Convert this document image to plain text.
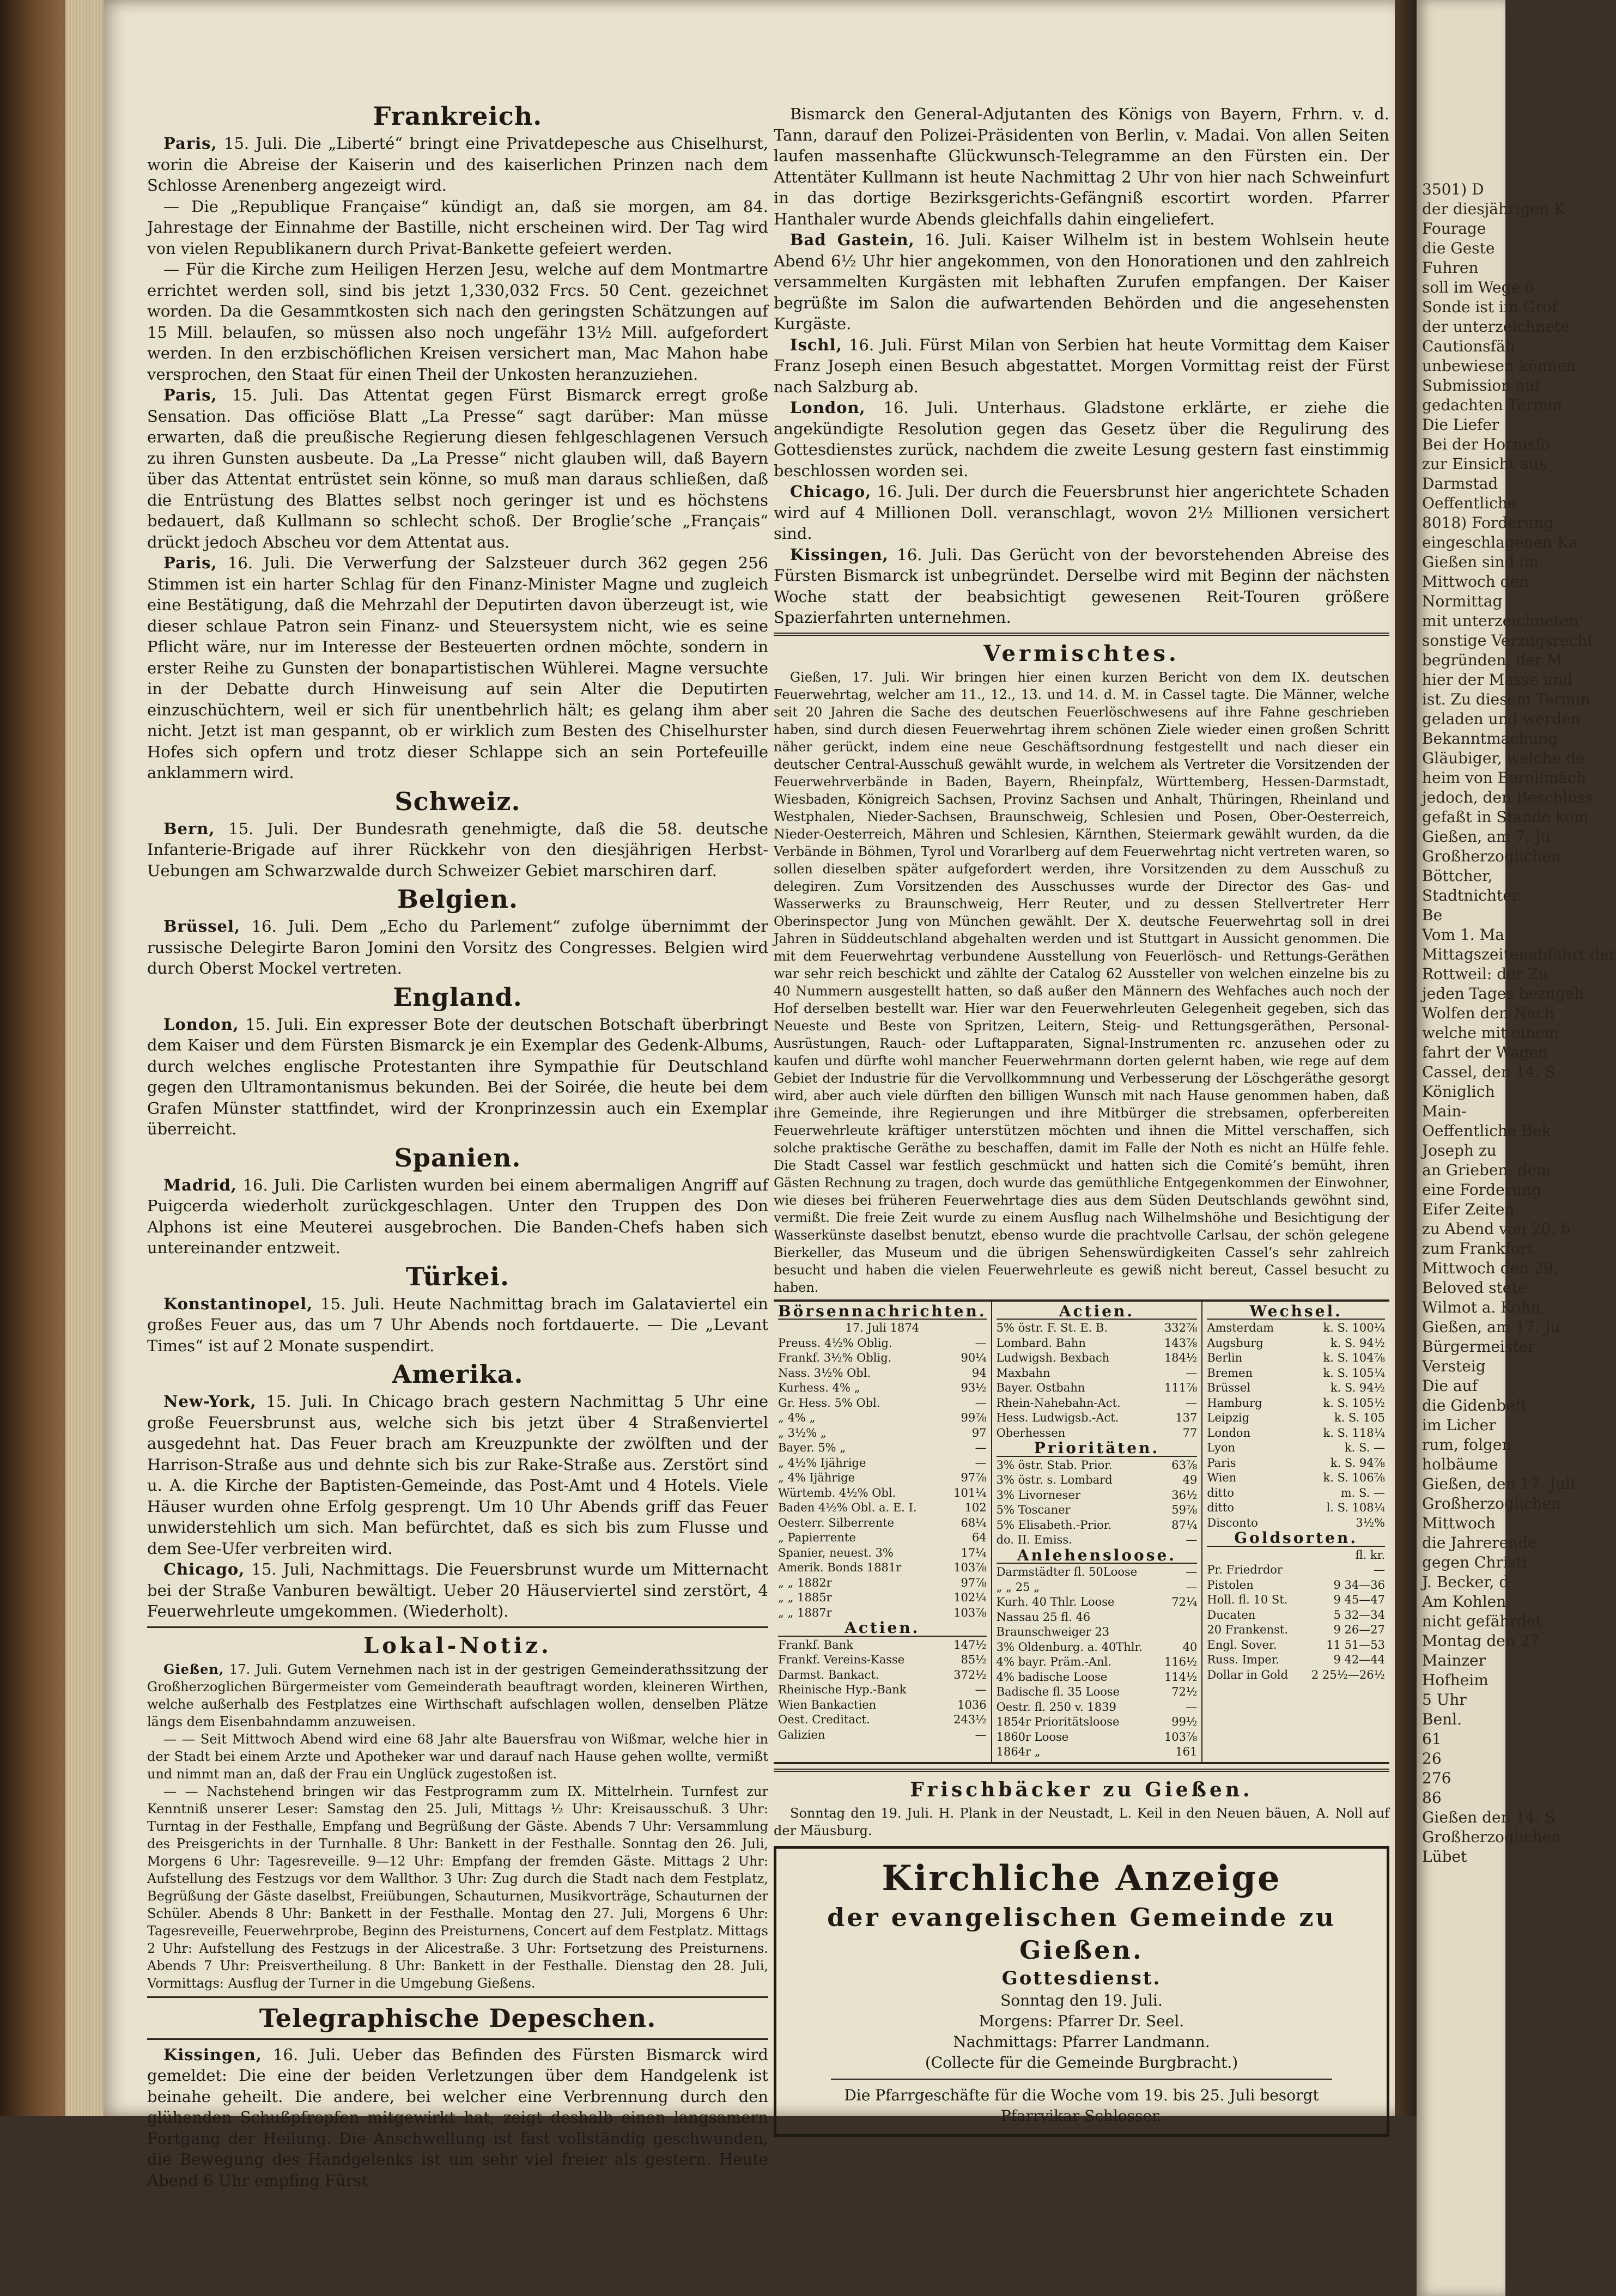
3501) D
der diesjährigen K
Fourage
die Geste
Fuhren
soll im Wege ö
Sonde ist im Grof
der unterzeichnete
Cautionsfäh
unbewiesen können
Submission auf
gedachten Termin
Die Liefer
Bei der Hornisfo
zur Einsicht aus
Darmstad
Oeffentliche
8018) Forderung
eingeschlagenen Ka
Gießen sind im
Mittwoch den
Normittag
mit unterzeichneten
sonstige Verzugsrecht
begründen, der M
hier der Masse und
ist. Zu diesem Termin
geladen und werden
Bekanntmachung
Gläubiger, welche de
heim von Berollmäch
jedoch, den Beschlüss
gefaßt in Stande kom
Gießen, am 7. Ju
Großherzoglichen
Böttcher,
Stadtnichter.
Be
Vom 1. Ma
Mittagszeitenabfahrt der
Rottweil: der Zu
jeden Tages bezugeh
Wolfen den Nach
welche mit einem
fahrt der Wagen
Cassel, den 14. S
Königlich
Main-
Oeffentliche Bek
Joseph zu
an Grieben, dem
eine Forderung
Eifer Zeiten
zu Abend von 20. b
zum Frankfort
Mittwoch den 29.
Beloved stete
Wilmot a. Kohn,
Gießen, am 17. Ju
Bürgermeister
Versteig
Die auf
die Gidenbeft
im Licher
rum, folgen
holbäume
Gießen, den 17. Juli
Großherzoglichen
Mittwoch
die Jahrerende
gegen Christi
J. Becker, d
Am Kohlen
nicht gefährdet
Montag den 27
Mainzer
Hofheim
5 Uhr
Benl.
61
26
276
86
Gießen den 14. S
Großherzoglichen
Lübet
Frankreich.

Paris, 15. Juli. Die „Liberté“ bringt eine Privatdepesche aus Chiselhurst, worin die Abreise der Kaiserin und des kaiserlichen Prinzen nach dem Schlosse Arenenberg angezeigt wird.

— Die „Republique Française“ kündigt an, daß sie morgen, am 84. Jahrestage der Einnahme der Bastille, nicht erscheinen wird. Der Tag wird von vielen Republikanern durch Privat-Bankette gefeiert werden.

— Für die Kirche zum Heiligen Herzen Jesu, welche auf dem Montmartre errichtet werden soll, sind bis jetzt 1,330,032 Frcs. 50 Cent. gezeichnet worden. Da die Gesammtkosten sich nach den geringsten Schätzungen auf 15 Mill. belaufen, so müssen also noch ungefähr 13½ Mill. aufgefordert werden. In den erzbischöflichen Kreisen versichert man, Mac Mahon habe versprochen, den Staat für einen Theil der Unkosten heranzuziehen.

Paris, 15. Juli. Das Attentat gegen Fürst Bismarck erregt große Sensation. Das officiöse Blatt „La Presse“ sagt darüber: Man müsse erwarten, daß die preußische Regierung diesen fehlgeschlagenen Versuch zu ihren Gunsten ausbeute. Da „La Presse“ nicht glauben will, daß Bayern über das Attentat entrüstet sein könne, so muß man daraus schließen, daß die Entrüstung des Blattes selbst noch geringer ist und es höchstens bedauert, daß Kullmann so schlecht schoß. Der Broglie’sche „Français“ drückt jedoch Abscheu vor dem Attentat aus.

Paris, 16. Juli. Die Verwerfung der Salzsteuer durch 362 gegen 256 Stimmen ist ein harter Schlag für den Finanz-Minister Magne und zugleich eine Bestätigung, daß die Mehrzahl der Deputirten davon überzeugt ist, wie dieser schlaue Patron sein Finanz- und Steuersystem nicht, wie es seine Pflicht wäre, nur im Interesse der Besteuerten ordnen möchte, sondern in erster Reihe zu Gunsten der bonapartistischen Wühlerei. Magne versuchte in der Debatte durch Hinweisung auf sein Alter die Deputirten einzuschüchtern, weil er sich für unentbehrlich hält; es gelang ihm aber nicht. Jetzt ist man gespannt, ob er wirklich zum Besten des Chiselhurster Hofes sich opfern und trotz dieser Schlappe sich an sein Portefeuille anklammern wird.

Schweiz.

Bern, 15. Juli. Der Bundesrath genehmigte, daß die 58. deutsche Infanterie-Brigade auf ihrer Rückkehr von den diesjährigen Herbst-Uebungen am Schwarzwalde durch Schweizer Gebiet marschiren darf.

Belgien.

Brüssel, 16. Juli. Dem „Echo du Parlement“ zufolge übernimmt der russische Delegirte Baron Jomini den Vorsitz des Congresses. Belgien wird durch Oberst Mockel vertreten.

England.

London, 15. Juli. Ein expresser Bote der deutschen Botschaft überbringt dem Kaiser und dem Fürsten Bismarck je ein Exemplar des Gedenk-Albums, durch welches englische Protestanten ihre Sympathie für Deutschland gegen den Ultramontanismus bekunden. Bei der Soirée, die heute bei dem Grafen Münster stattfindet, wird der Kronprinzessin auch ein Exemplar überreicht.

Spanien.

Madrid, 16. Juli. Die Carlisten wurden bei einem abermaligen Angriff auf Puigcerda wiederholt zurückgeschlagen. Unter den Truppen des Don Alphons ist eine Meuterei ausgebrochen. Die Banden-Chefs haben sich untereinander entzweit.

Türkei.

Konstantinopel, 15. Juli. Heute Nachmittag brach im Galataviertel ein großes Feuer aus, das um 7 Uhr Abends noch fortdauerte. — Die „Levant Times“ ist auf 2 Monate suspendirt.

Amerika.

New-York, 15. Juli. In Chicago brach gestern Nachmittag 5 Uhr eine große Feuersbrunst aus, welche sich bis jetzt über 4 Straßenviertel ausgedehnt hat. Das Feuer brach am Kreuzpunkte der zwölften und der Harrison-Straße aus und dehnte sich bis zur Rake-Straße aus. Zerstört sind u. A. die Kirche der Baptisten-Gemeinde, das Post-Amt und 4 Hotels. Viele Häuser wurden ohne Erfolg gesprengt. Um 10 Uhr Abends griff das Feuer unwiderstehlich um sich. Man befürchtet, daß es sich bis zum Flusse und dem See-Ufer verbreiten wird.

Chicago, 15. Juli, Nachmittags. Die Feuersbrunst wurde um Mitternacht bei der Straße Vanburen bewältigt. Ueber 20 Häuserviertel sind zerstört, 4 Feuerwehrleute umgekommen. (Wiederholt).

Lokal-Notiz.

Gießen, 17. Juli. Gutem Vernehmen nach ist in der gestrigen Gemeinderathssitzung der Großherzoglichen Bürgermeister vom Gemeinderath beauftragt worden, kleineren Wirthen, welche außerhalb des Festplatzes eine Wirthschaft aufschlagen wollen, denselben Plätze längs dem Eisenbahndamm anzuweisen.

— — Seit Mittwoch Abend wird eine 68 Jahr alte Bauersfrau von Wißmar, welche hier in der Stadt bei einem Arzte und Apotheker war und darauf nach Hause gehen wollte, vermißt und nimmt man an, daß der Frau ein Unglück zugestoßen ist.

— — Nachstehend bringen wir das Festprogramm zum IX. Mittelrhein. Turnfest zur Kenntniß unserer Leser: Samstag den 25. Juli, Mittags ½ Uhr: Kreisausschuß. 3 Uhr: Turntag in der Festhalle, Empfang und Begrüßung der Gäste. Abends 7 Uhr: Versammlung des Preisgerichts in der Turnhalle. 8 Uhr: Bankett in der Festhalle. Sonntag den 26. Juli, Morgens 6 Uhr: Tagesreveille. 9—12 Uhr: Empfang der fremden Gäste. Mittags 2 Uhr: Aufstellung des Festzugs vor dem Wallthor. 3 Uhr: Zug durch die Stadt nach dem Festplatz, Begrüßung der Gäste daselbst, Freiübungen, Schauturnen, Musikvorträge, Schauturnen der Schüler. Abends 8 Uhr: Bankett in der Festhalle. Montag den 27. Juli, Morgens 6 Uhr: Tagesreveille, Feuerwehrprobe, Beginn des Preisturnens, Concert auf dem Festplatz. Mittags 2 Uhr: Aufstellung des Festzugs in der Alicestraße. 3 Uhr: Fortsetzung des Preisturnens. Abends 7 Uhr: Preisvertheilung. 8 Uhr: Bankett in der Festhalle. Dienstag den 28. Juli, Vormittags: Ausflug der Turner in die Umgebung Gießens.

Telegraphische Depeschen.

Kissingen, 16. Juli. Ueber das Befinden des Fürsten Bismarck wird gemeldet: Die eine der beiden Verletzungen über dem Handgelenk ist beinahe geheilt. Die andere, bei welcher eine Verbrennung durch den glühenden Schußpfropfen mitgewirkt hat, zeigt deshalb einen langsamern Fortgang der Heilung. Die Anschwellung ist fast vollständig geschwunden, die Bewegung des Handgelenks ist um sehr viel freier als gestern. Heute Abend 6 Uhr empfing Fürst

Bismarck den General-Adjutanten des Königs von Bayern, Frhrn. v. d. Tann, darauf den Polizei-Präsidenten von Berlin, v. Madai. Von allen Seiten laufen massenhafte Glückwunsch-Telegramme an den Fürsten ein. Der Attentäter Kullmann ist heute Nachmittag 2 Uhr von hier nach Schweinfurt in das dortige Bezirksgerichts-Gefängniß escortirt worden. Pfarrer Hanthaler wurde Abends gleichfalls dahin eingeliefert.

Bad Gastein, 16. Juli. Kaiser Wilhelm ist in bestem Wohlsein heute Abend 6½ Uhr hier angekommen, von den Honorationen und den zahlreich versammelten Kurgästen mit lebhaften Zurufen empfangen. Der Kaiser begrüßte im Salon die aufwartenden Behörden und die angesehensten Kurgäste.

Ischl, 16. Juli. Fürst Milan von Serbien hat heute Vormittag dem Kaiser Franz Joseph einen Besuch abgestattet. Morgen Vormittag reist der Fürst nach Salzburg ab.

London, 16. Juli. Unterhaus. Gladstone erklärte, er ziehe die angekündigte Resolution gegen das Gesetz über die Regulirung des Gottesdienstes zurück, nachdem die zweite Lesung gestern fast einstimmig beschlossen worden sei.

Chicago, 16. Juli. Der durch die Feuersbrunst hier angerichtete Schaden wird auf 4 Millionen Doll. veranschlagt, wovon 2½ Millionen versichert sind.

Kissingen, 16. Juli. Das Gerücht von der bevorstehenden Abreise des Fürsten Bismarck ist unbegründet. Derselbe wird mit Beginn der nächsten Woche statt der beabsichtigt gewesenen Reit-Touren größere Spazierfahrten unternehmen.

Vermischtes.

Gießen, 17. Juli. Wir bringen hier einen kurzen Bericht von dem IX. deutschen Feuerwehrtag, welcher am 11., 12., 13. und 14. d. M. in Cassel tagte. Die Männer, welche seit 20 Jahren die Sache des deutschen Feuerlöschwesens auf ihre Fahne geschrieben haben, sind durch diesen Feuerwehrtag ihrem schönen Ziele wieder einen großen Schritt näher gerückt, indem eine neue Geschäftsordnung festgestellt und nach dieser ein deutscher Central-Ausschuß gewählt wurde, in welchem als Vertreter die Vorsitzenden der Feuerwehrverbände in Baden, Bayern, Rheinpfalz, Württemberg, Hessen-Darmstadt, Wiesbaden, Königreich Sachsen, Provinz Sachsen und Anhalt, Thüringen, Rheinland und Westphalen, Nieder-Sachsen, Braunschweig, Schlesien und Posen, Ober-Oesterreich, Nieder-Oesterreich, Mähren und Schlesien, Kärnthen, Steiermark gewählt wurden, da die Verbände in Böhmen, Tyrol und Vorarlberg auf dem Feuerwehrtag nicht vertreten waren, so sollen dieselben später aufgefordert werden, ihre Vorsitzenden zu dem Ausschuß zu delegiren. Zum Vorsitzenden des Ausschusses wurde der Director des Gas- und Wasserwerks zu Braunschweig, Herr Reuter, und zu dessen Stellvertreter Herr Oberinspector Jung von München gewählt. Der X. deutsche Feuerwehrtag soll in drei Jahren in Süddeutschland abgehalten werden und ist Stuttgart in Aussicht genommen. Die mit dem Feuerwehrtag verbundene Ausstellung von Feuerlösch- und Rettungs-Geräthen war sehr reich beschickt und zählte der Catalog 62 Aussteller von welchen einzelne bis zu 40 Nummern ausgestellt hatten, so daß außer den Männern des Wehfaches auch noch der Hof derselben bestellt war. Hier war den Feuerwehrleuten Gelegenheit gegeben, sich das Neueste und Beste von Spritzen, Leitern, Steig- und Rettungsgeräthen, Personal-Ausrüstungen, Rauch- oder Luftapparaten, Signal-Instrumenten rc. anzusehen oder zu kaufen und dürfte wohl mancher Feuerwehrmann dorten gelernt haben, wie rege auf dem Gebiet der Industrie für die Vervollkommnung und Verbesserung der Löschgeräthe gesorgt wird, aber auch viele dürften den billigen Wunsch mit nach Hause genommen haben, daß ihre Gemeinde, ihre Regierungen und ihre Mitbürger die strebsamen, opferbereiten Feuerwehrleute kräftiger unterstützen möchten und ihnen die Mittel verschaffen, sich solche praktische Geräthe zu beschaffen, damit im Falle der Noth es nicht an Hülfe fehle. Die Stadt Cassel war festlich geschmückt und hatten sich die Comité’s bemüht, ihren Gästen Rechnung zu tragen, doch wurde das gemüthliche Entgegenkommen der Einwohner, wie dieses bei früheren Feuerwehrtage dies aus dem Süden Deutschlands gewöhnt sind, vermißt. Die freie Zeit wurde zu einem Ausflug nach Wilhelmshöhe und Besichtigung der Wasserkünste daselbst benutzt, ebenso wurde die prachtvolle Carlsau, der schön gelegene Bierkeller, das Museum und die übrigen Sehenswürdigkeiten Cassel’s sehr zahlreich besucht und haben die vielen Feuerwehrleute es gewiß nicht bereut, Cassel besucht zu haben.

Börsennachrichten.
17. Juli 1874
Preuss. 4½% Oblig.	—
Frankf. 3½% Oblig.	90¼
Nass. 3½% Obl.	94
Kurhess. 4% „	93½
Gr. Hess. 5% Obl.	—
„ 4% „	99⅞
„ 3½% „	97
Bayer. 5% „	—
„ 4½% Ijährige	—
„ 4% Ijährige	97⅞
Würtemb. 4½% Obl.	101¼
Baden 4½% Obl. a. E. I.	102
Oesterr. Silberrente	68¼
„ Papierrente	64
Spanier, neuest. 3%	17¼
Amerik. Bonds 1881r	103⅞
„ „ 1882r	97⅞
„ „ 1885r	102¼
„ „ 1887r	103⅞
Actien.
Frankf. Bank	147½
Frankf. Vereins-Kasse	85½
Darmst. Bankact.	372½
Rheinische Hyp.-Bank	—
Wien Bankactien	1036
Oest. Creditact.	243½
Galizien	—
Actien.
5% östr. F. St. E. B.	332⅞
Lombard. Bahn	143⅞
Ludwigsh. Bexbach	184½
Maxbahn	—
Bayer. Ostbahn	111⅞
Rhein-Nahebahn-Act.	—
Hess. Ludwigsb.-Act.	137
Oberhessen	77
Prioritäten.
3% östr. Stab. Prior.	63⅞
3% östr. s. Lombard	49
3% Livorneser	36½
5% Toscaner	59⅞
5% Elisabeth.-Prior.	87¼
do. II. Emiss.	—
Anlehensloose.
Darmstädter fl. 50Loose	—
„ „ 25 „	—
Kurh. 40 Thlr. Loose	72¼
Nassau 25 fl. 46
Braunschweiger 23
3% Oldenburg. a. 40Thlr.	40
4% bayr. Präm.-Anl.	116½
4% badische Loose	114½
Badische fl. 35 Loose	72½
Oestr. fl. 250 v. 1839	—
1854r Prioritätsloose	99½
1860r Loose	103⅞
1864r „	161
Wechsel.
Amsterdam	k. S. 100¼
Augsburg	k. S. 94½
Berlin	k. S. 104⅞
Bremen	k. S. 105¼
Brüssel	k. S. 94½
Hamburg	k. S. 105½
Leipzig	k. S. 105
London	k. S. 118¼
Lyon	k. S. —
Paris	k. S. 94⅞
Wien	k. S. 106⅞
ditto	m. S. —
ditto	l. S. 108¼
Disconto	3½%
Goldsorten.
fl. kr.
Pr. Friedrdor	—
Pistolen	9 34—36
Holl. fl. 10 St.	9 45—47
Ducaten	5 32—34
20 Frankenst.	9 26—27
Engl. Sover.	11 51—53
Russ. Imper.	9 42—44
Dollar in Gold 2 25½—26½
Frischbäcker zu Gießen.

Sonntag den 19. Juli. H. Plank in der Neustadt, L. Keil in den Neuen bäuen, A. Noll auf der Mäusburg.

Kirchliche Anzeige
der evangelischen Gemeinde zu Gießen.
Gottesdienst.
Sonntag den 19. Juli.
Morgens: Pfarrer Dr. Seel.
Nachmittags: Pfarrer Landmann.
(Collecte für die Gemeinde Burgbracht.)
Die Pfarrgeschäfte für die Woche vom 19. bis 25. Juli besorgt
Pfarrvikar Schlosser.
